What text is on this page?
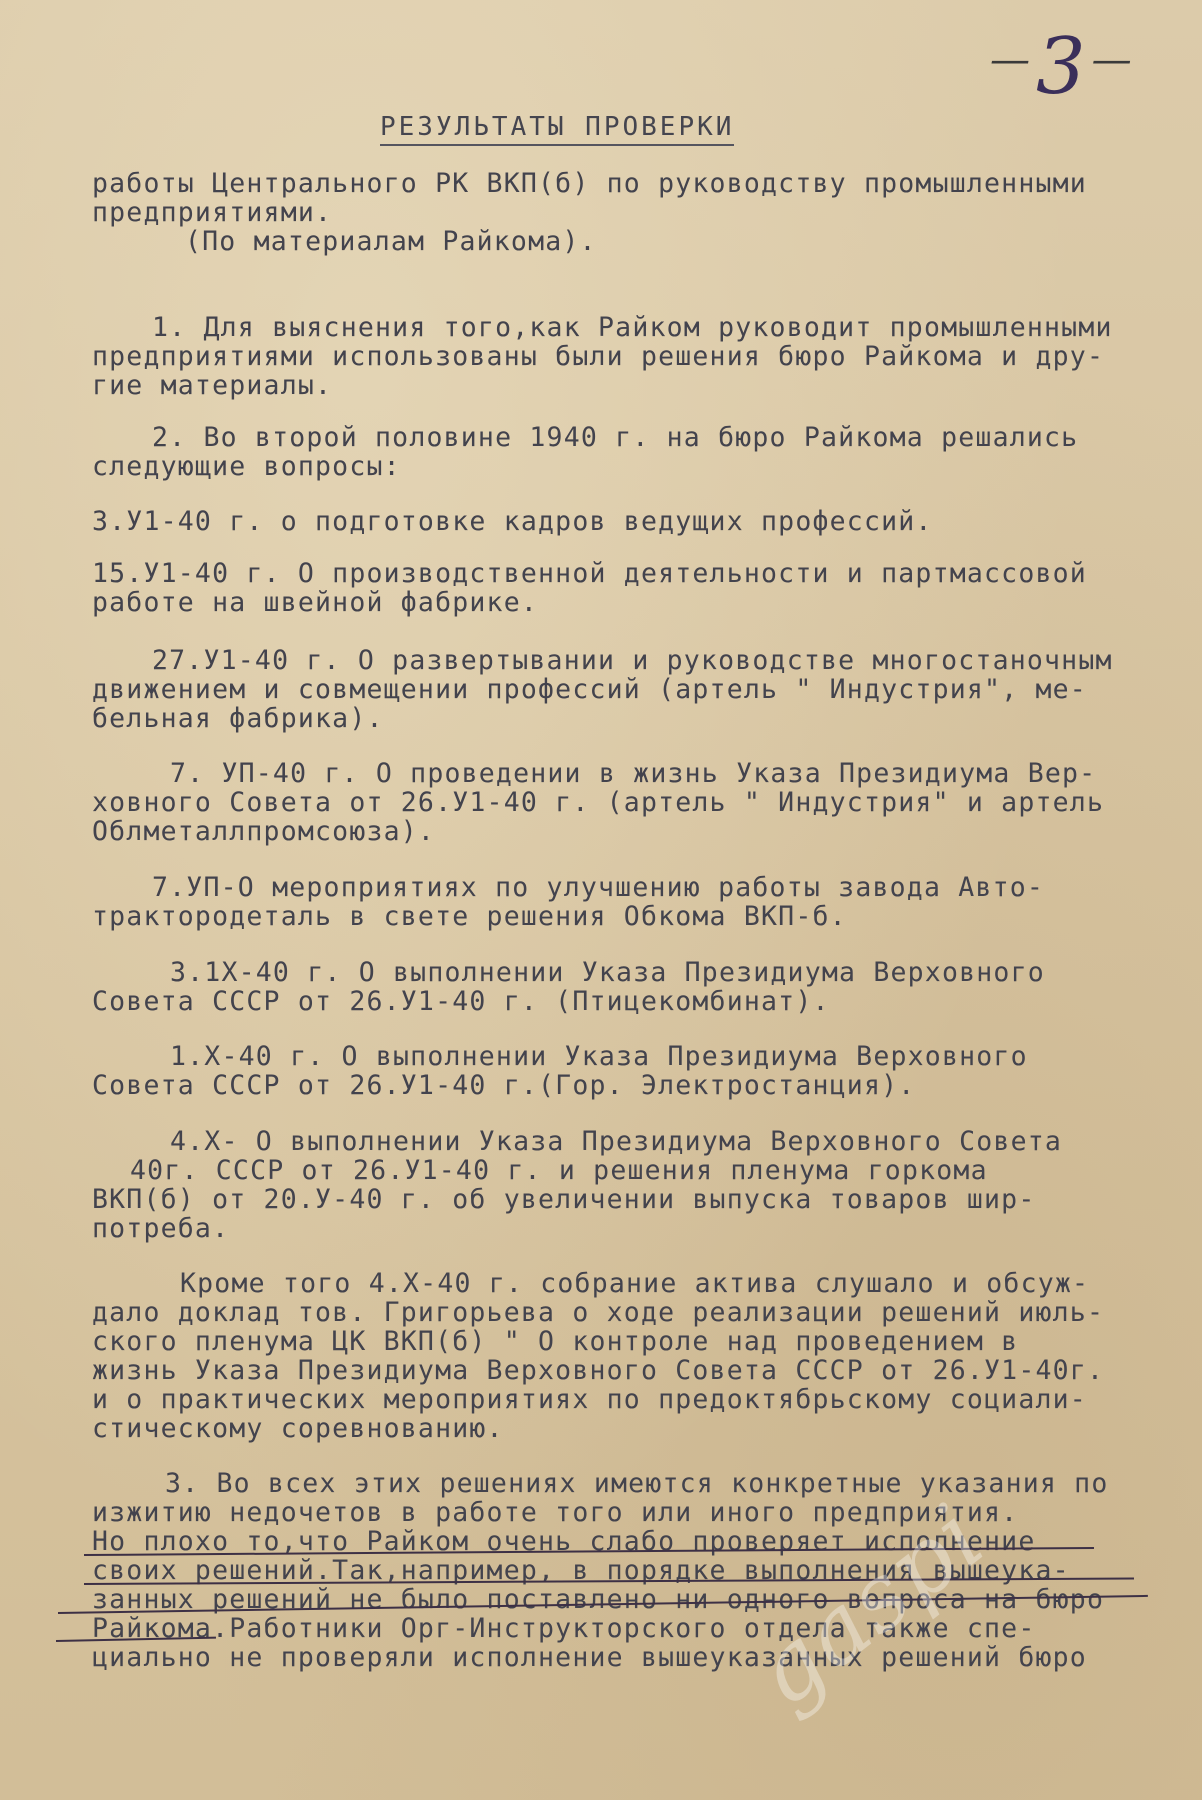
—3—
РЕЗУЛЬТАТЫ ПРОВЕРКИ
работы Центрального РК ВКП(б) по руководству промышленными
предприятиями.
(По материалам Райкома).
1. Для выяснения того,как Райком руководит промышленными
предприятиями использованы были решения бюро Райкома и дру-
гие материалы.
2. Во второй половине 1940 г. на бюро Райкома решались
следующие вопросы:
3.У1-40 г. о подготовке кадров ведущих профессий.
15.У1-40 г. О производственной деятельности и партмассовой
работе на швейной фабрике.
27.У1-40 г. О развертывании и руководстве многостаночным
движением и совмещении профессий (артель " Индустрия", ме-
бельная фабрика).
7. УП-40 г. О проведении в жизнь Указа Президиума Вер-
ховного Совета от 26.У1-40 г. (артель " Индустрия" и артель
Облметаллпромсоюза).
7.УП-О мероприятиях по улучшению работы завода Авто-
трактородеталь в свете решения Обкома ВКП-б.
3.1Х-40 г. О выполнении Указа Президиума Верховного
Совета СССР от 26.У1-40 г. (Птицекомбинат).
1.Х-40 г. О выполнении Указа Президиума Верховного
Совета СССР от 26.У1-40 г.(Гор. Электростанция).
4.Х- О выполнении Указа Президиума Верховного Совета
40г. СССР от 26.У1-40 г. и решения пленума горкома
ВКП(б) от 20.У-40 г. об увеличении выпуска товаров шир-
потреба.
Кроме того 4.Х-40 г. собрание актива слушало и обсуж-
дало доклад тов. Григорьева о ходе реализации решений июль-
ского пленума ЦК ВКП(б) " О контроле над проведением в
жизнь Указа Президиума Верховного Совета СССР от 26.У1-40г.
и о практических мероприятиях по предоктябрьскому социали-
стическому соревнованию.
3. Во всех этих решениях имеются конкретные указания по
изжитию недочетов в работе того или иного предприятия.
Но плохо то,что Райком очень слабо проверяет исполнение
своих решений.Так,например, в порядке выполнения вышеука-
занных решений не было поставлено ни одного вопроса на бюро
Райкома.Работники Орг-Инструкторского отдела также спе-
циально не проверяли исполнение вышеуказанных решений бюро
gaspi
